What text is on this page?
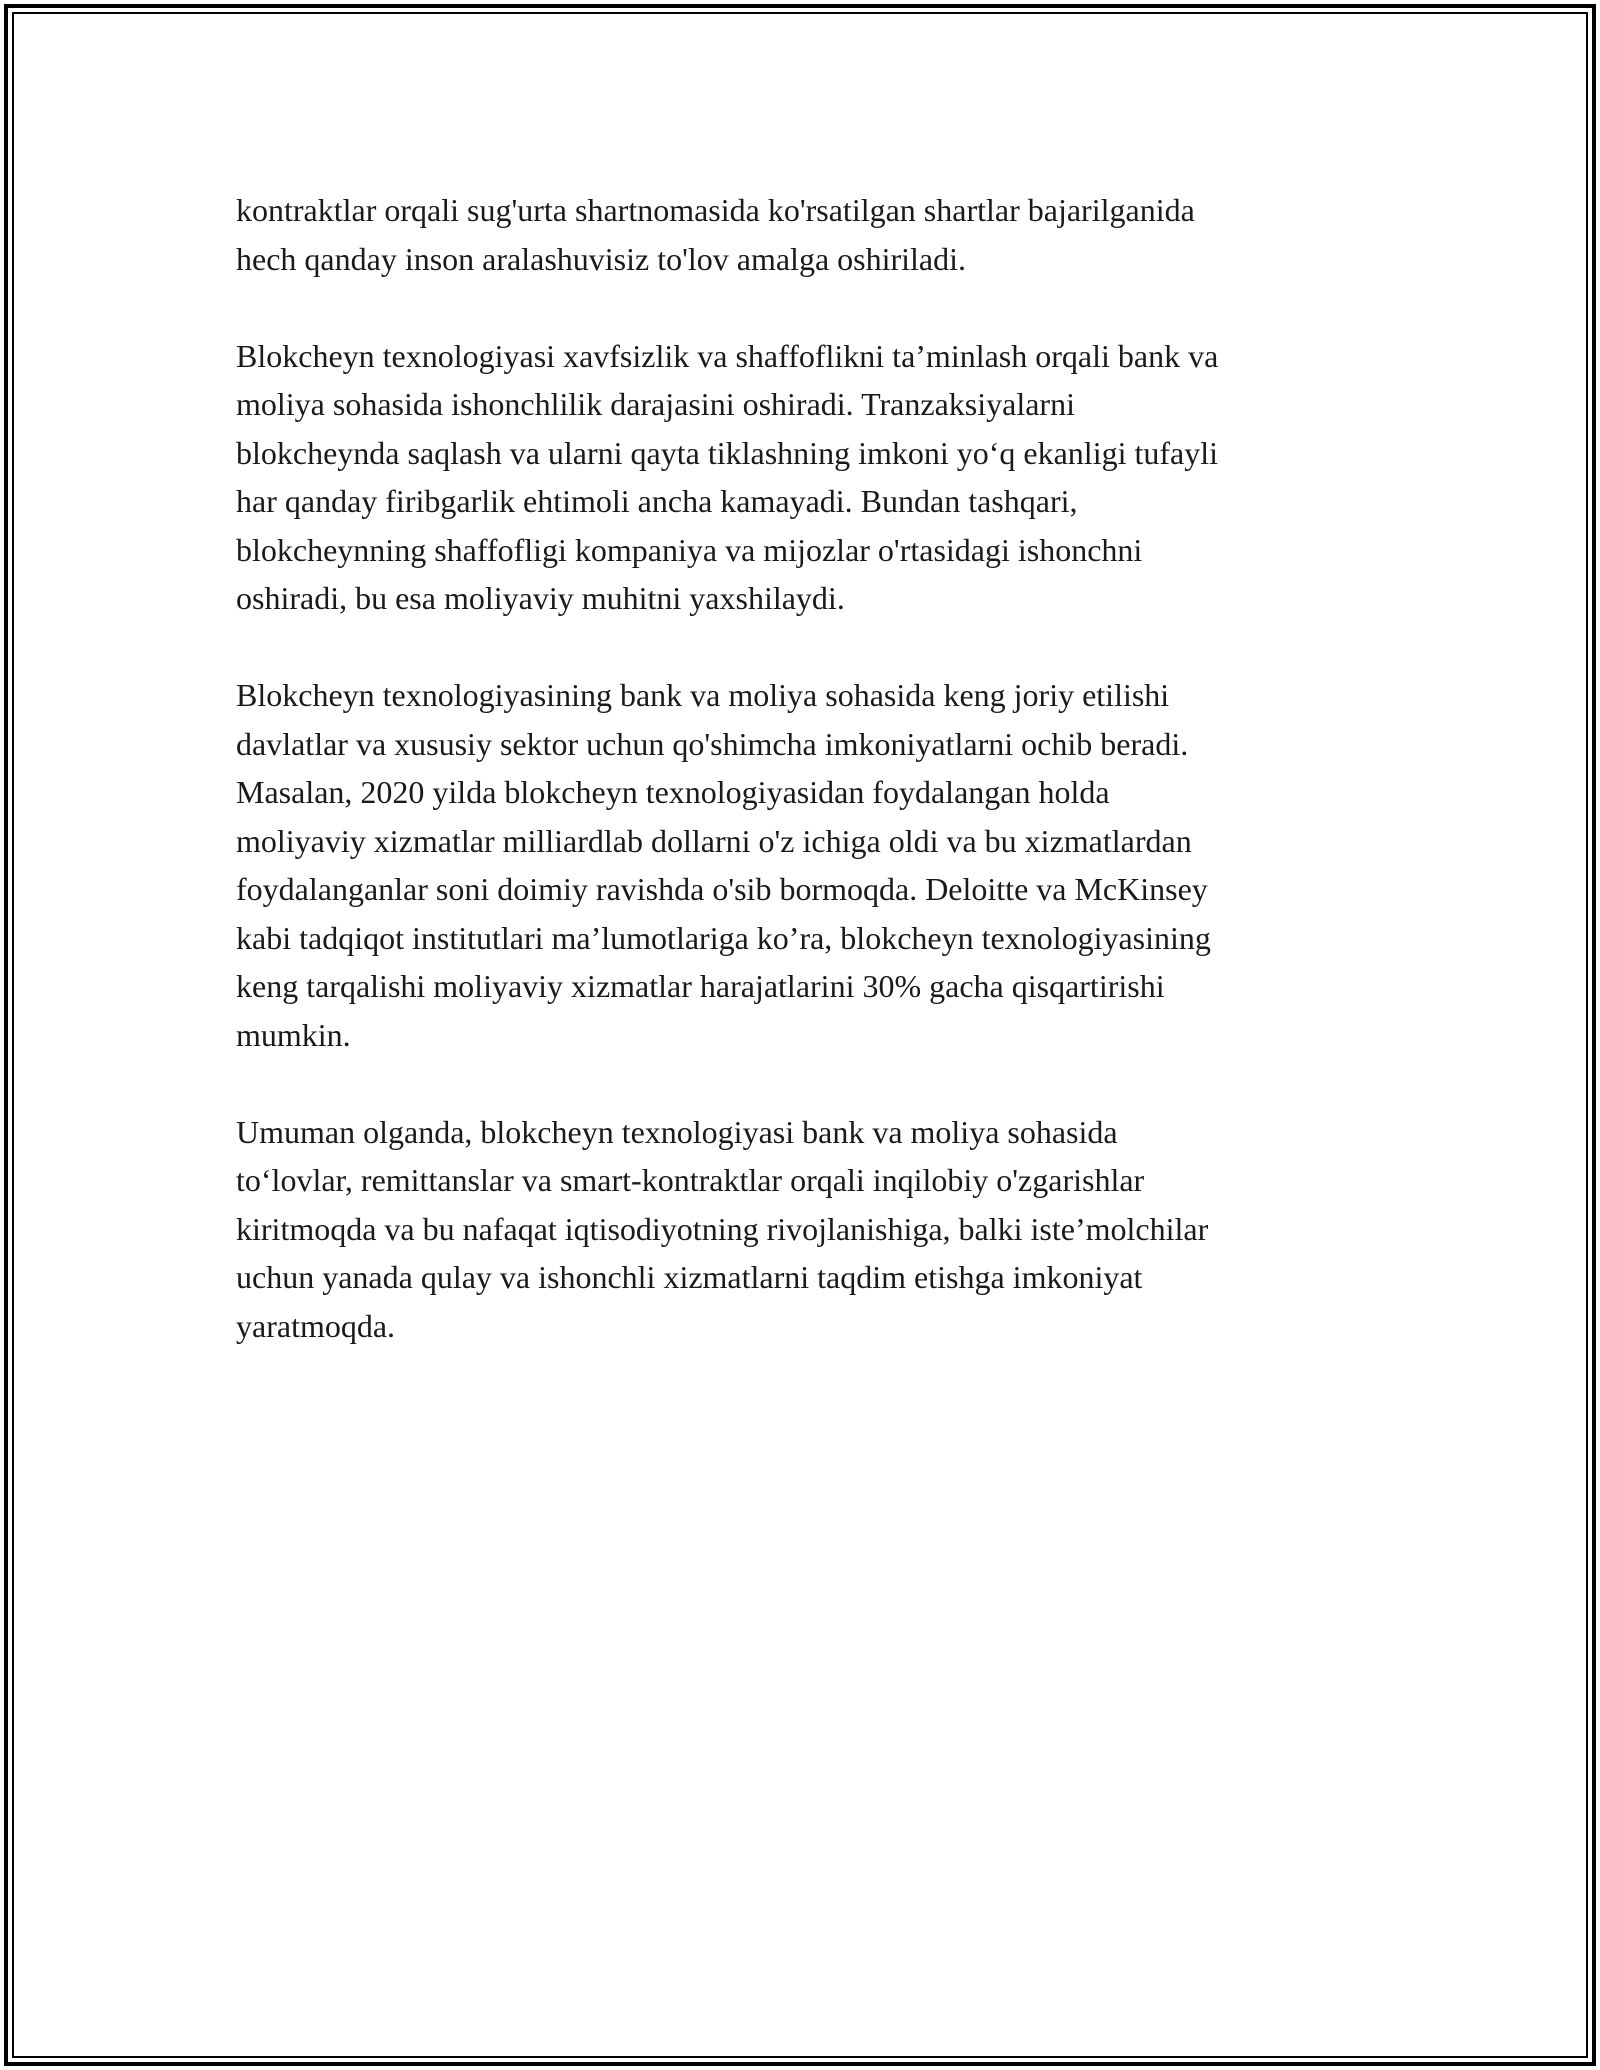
kontraktlar orqali sug'urta shartnomasida ko'rsatilgan shartlar bajarilganida
hech qanday inson aralashuvisiz to'lov amalga oshiriladi.

Blokcheyn texnologiyasi xavfsizlik va shaffoflikni ta’minlash orqali bank va
moliya sohasida ishonchlilik darajasini oshiradi. Tranzaksiyalarni
blokcheynda saqlash va ularni qayta tiklashning imkoni yo‘q ekanligi tufayli
har qanday firibgarlik ehtimoli ancha kamayadi. Bundan tashqari,
blokcheynning shaffofligi kompaniya va mijozlar o'rtasidagi ishonchni
oshiradi, bu esa moliyaviy muhitni yaxshilaydi.

Blokcheyn texnologiyasining bank va moliya sohasida keng joriy etilishi
davlatlar va xususiy sektor uchun qo'shimcha imkoniyatlarni ochib beradi.
Masalan, 2020 yilda blokcheyn texnologiyasidan foydalangan holda
moliyaviy xizmatlar milliardlab dollarni o'z ichiga oldi va bu xizmatlardan
foydalanganlar soni doimiy ravishda o'sib bormoqda. Deloitte va McKinsey
kabi tadqiqot institutlari ma’lumotlariga ko’ra, blokcheyn texnologiyasining
keng tarqalishi moliyaviy xizmatlar harajatlarini 30% gacha qisqartirishi
mumkin.

Umuman olganda, blokcheyn texnologiyasi bank va moliya sohasida
to‘lovlar, remittanslar va smart-kontraktlar orqali inqilobiy o'zgarishlar
kiritmoqda va bu nafaqat iqtisodiyotning rivojlanishiga, balki iste’molchilar
uchun yanada qulay va ishonchli xizmatlarni taqdim etishga imkoniyat
yaratmoqda.
